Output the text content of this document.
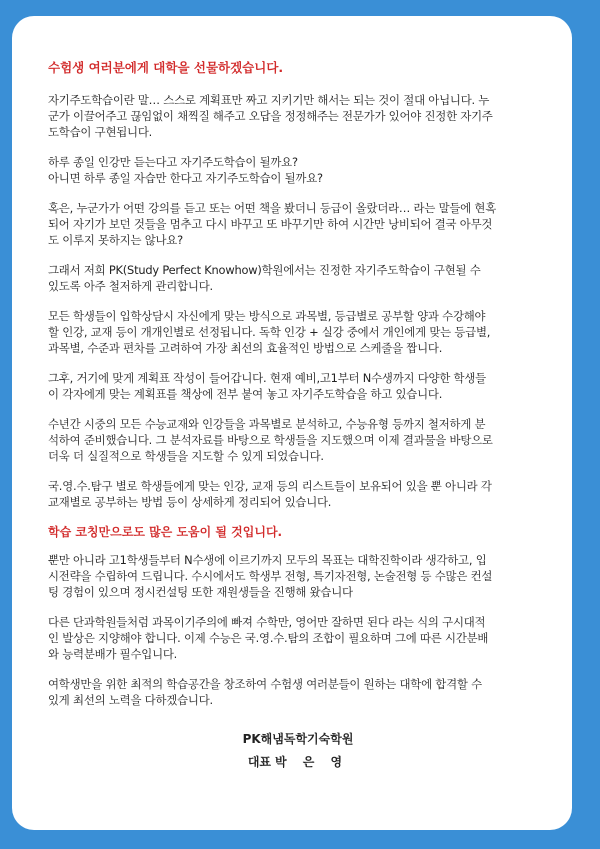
수험생 여러분에게 대학을 선물하겠습니다.
자기주도학습이란 말… 스스로 계획표만 짜고 지키기만 해서는 되는 것이 절대 아닙니다. 누
군가 이끌어주고 끊임없이 채찍질 해주고 오답을 정정해주는 전문가가 있어야 진정한 자기주
도학습이 구현됩니다.
하루 종일 인강만 듣는다고 자기주도학습이 될까요?
아니면 하루 종일 자습만 한다고 자기주도학습이 될까요?
혹은, 누군가가 어떤 강의를 듣고 또는 어떤 책을 봤더니 등급이 올랐더라… 라는 말들에 현혹
되어 자기가 보던 것들을 멈추고 다시 바꾸고 또 바꾸기만 하여 시간만 낭비되어 결국 아무것
도 이루지 못하지는 않나요?
그래서 저희 PK(Study Perfect Knowhow)학원에서는 진정한 자기주도학습이 구현될 수
있도록 아주 철저하게 관리합니다.
모든 학생들이 입학상담시 자신에게 맞는 방식으로 과목별, 등급별로 공부할 양과 수강해야
할 인강, 교재 등이 개개인별로 선정됩니다. 독학 인강 + 실강 중에서 개인에게 맞는 등급별,
과목별, 수준과 편차를 고려하여 가장 최선의 효율적인 방법으로 스케줄을 짭니다.
그후, 거기에 맞게 계획표 작성이 들어갑니다. 현재 예비,고1부터 N수생까지 다양한 학생들
이 각자에게 맞는 계획표를 책상에 전부 붙여 놓고 자기주도학습을 하고 있습니다.
수년간 시중의 모든 수능교재와 인강들을 과목별로 분석하고, 수능유형 등까지 철저하게 분
석하여 준비했습니다. 그 분석자료를 바탕으로 학생들을 지도했으며 이제 결과물을 바탕으로
더욱 더 실질적으로 학생들을 지도할 수 있게 되었습니다.
국.영.수.탐구 별로 학생들에게 맞는 인강, 교재 등의 리스트들이 보유되어 있을 뿐 아니라 각
교재별로 공부하는 방법 등이 상세하게 정리되어 있습니다.
학습 코칭만으로도 많은 도움이 될 것입니다.
뿐만 아니라 고1학생들부터 N수생에 이르기까지 모두의 목표는 대학진학이라 생각하고, 입
시전략을 수립하여 드립니다. 수시에서도 학생부 전형, 특기자전형, 논술전형 등 수많은 컨설
팅 경험이 있으며 정시컨설팅 또한 재원생들을 진행해 왔습니다
다른 단과학원들처럼 과목이기주의에 빠져 수학만, 영어만 잘하면 된다 라는 식의 구시대적
인 발상은 지양해야 합니다. 이제 수능은 국.영.수.탐의 조합이 필요하며 그에 따른 시간분배
와 능력분배가 필수입니다.
여학생만을 위한 최적의 학습공간을 창조하여 수험생 여러분들이 원하는 대학에 합격할 수
있게 최선의 노력을 다하겠습니다.
PK해냄독학기숙학원
대표 박 은 영
